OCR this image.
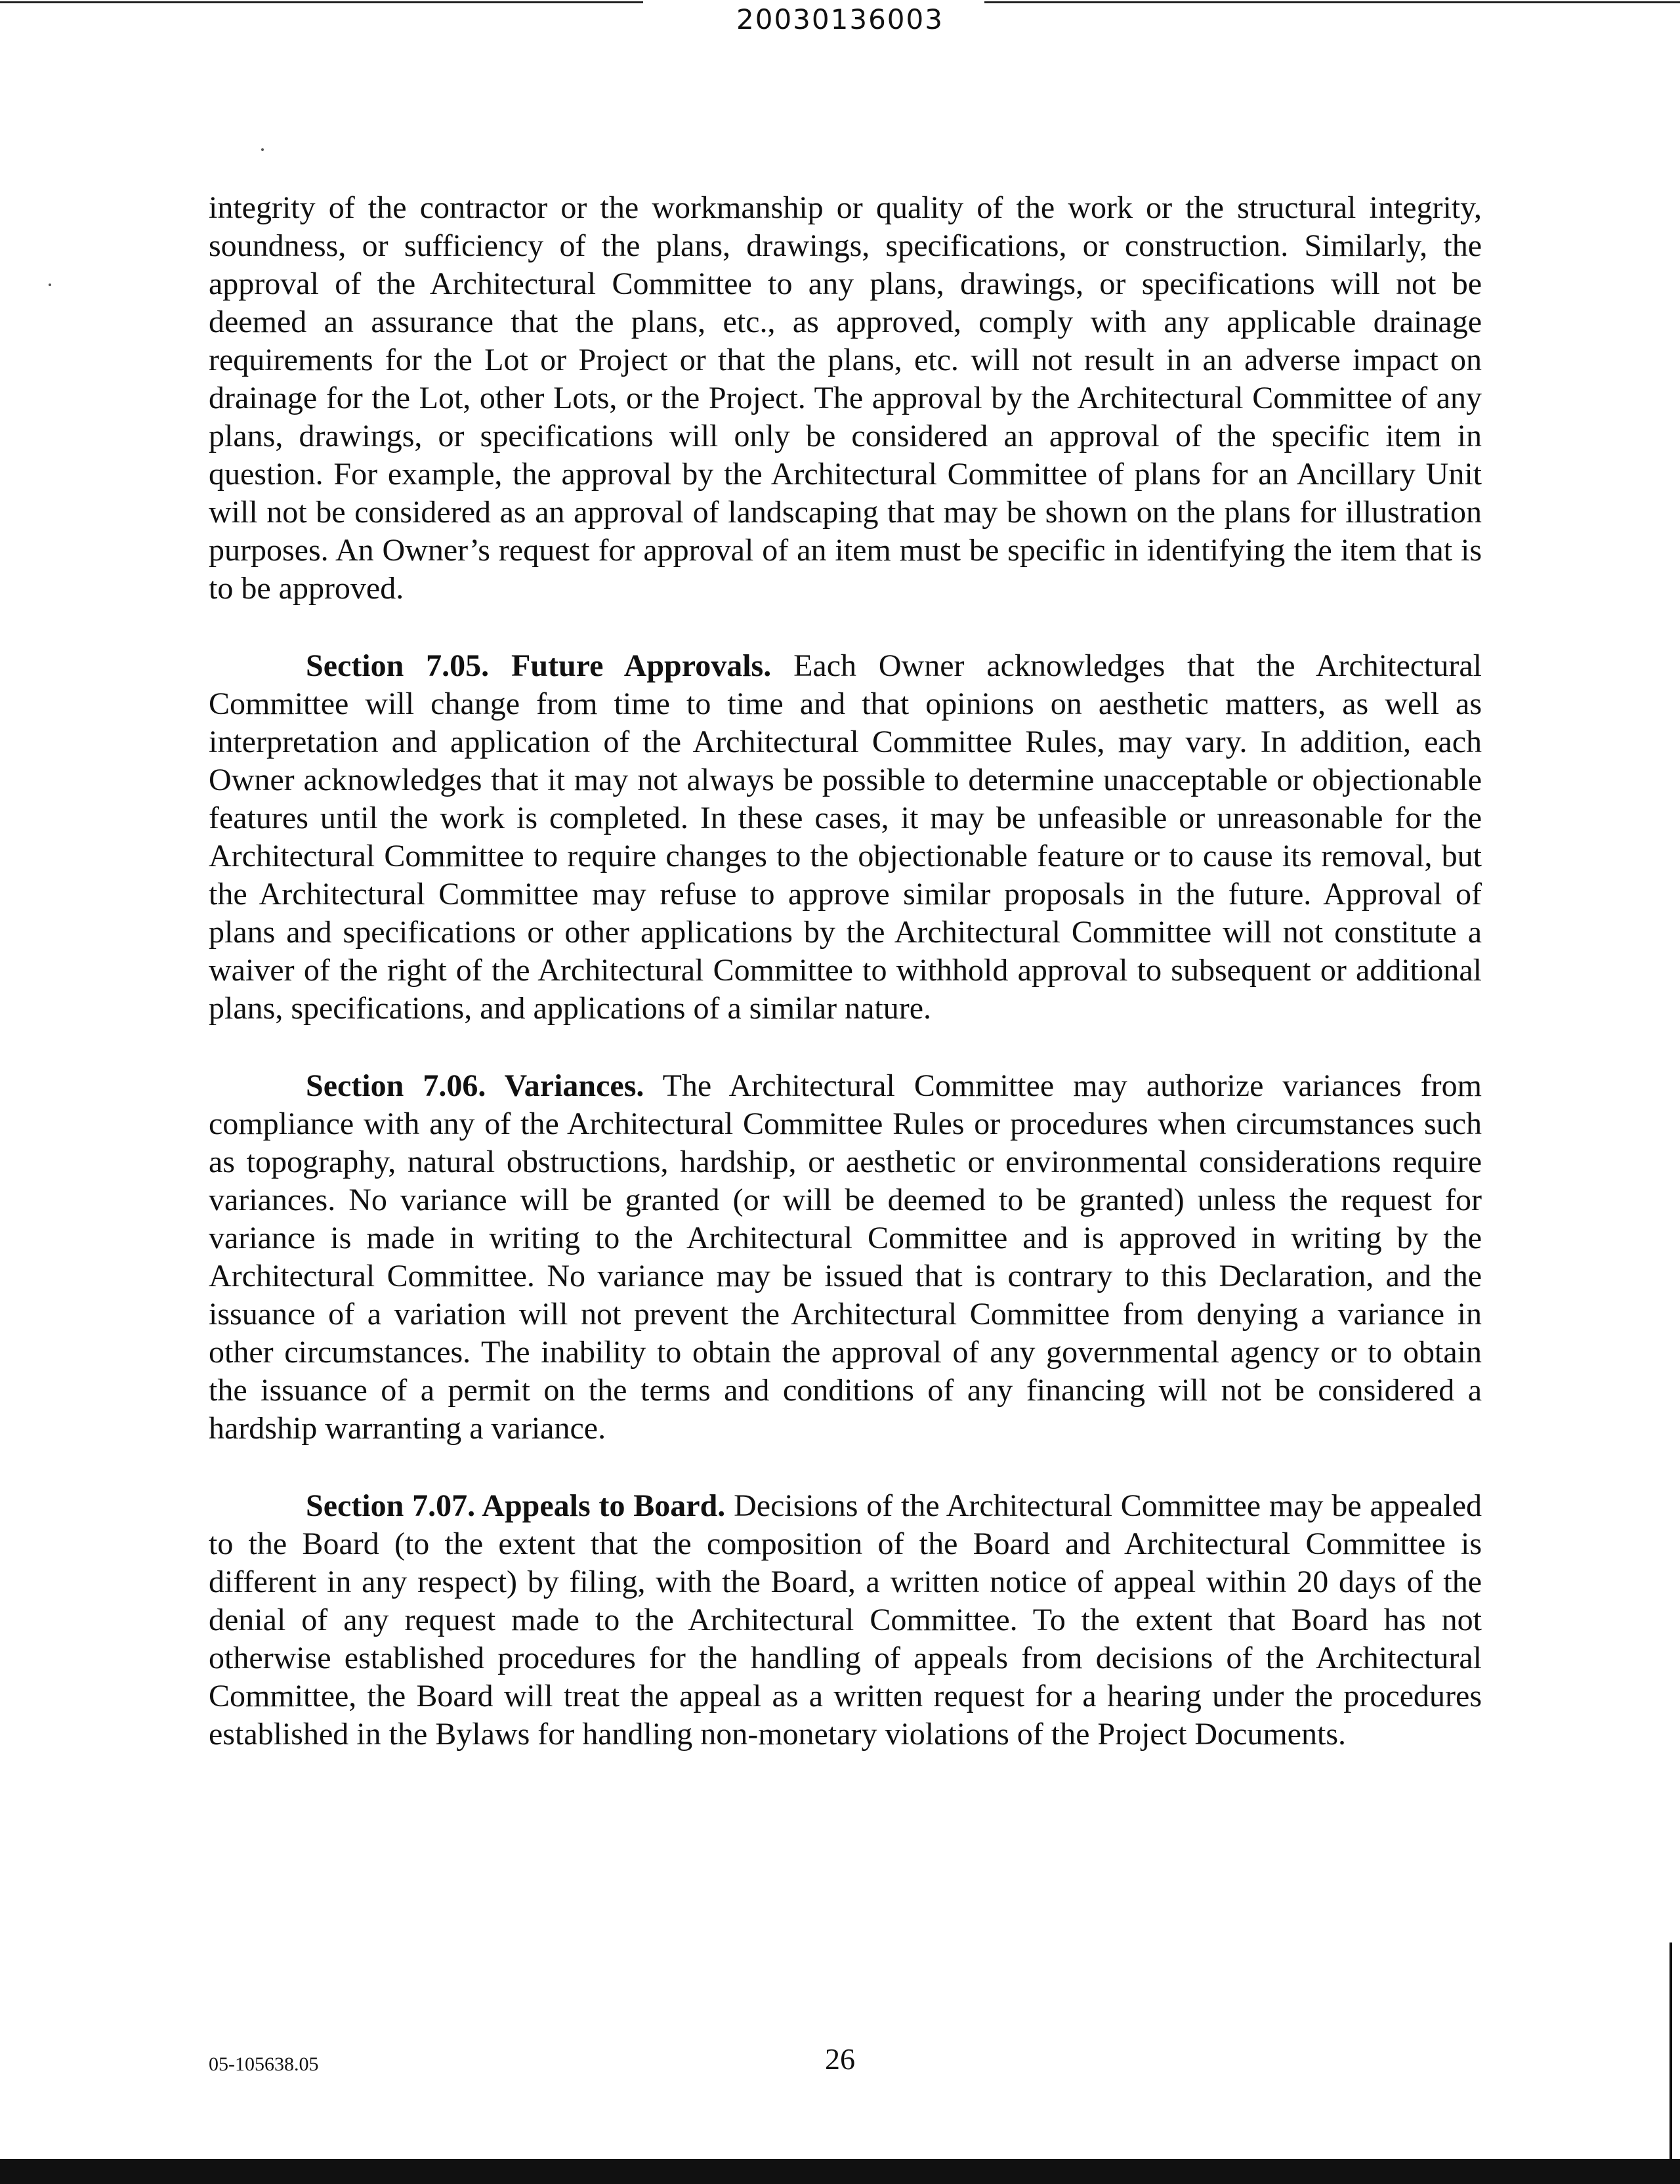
20030136003

integrity of the contractor or the workmanship or quality of the work or the structural integrity, soundness, or sufficiency of the plans, drawings, specifications, or construction. Similarly, the approval of the Architectural Committee to any plans, drawings, or specifications will not be deemed an assurance that the plans, etc., as approved, comply with any applicable drainage requirements for the Lot or Project or that the plans, etc. will not result in an adverse impact on drainage for the Lot, other Lots, or the Project. The approval by the Architectural Committee of any plans, drawings, or specifications will only be considered an approval of the specific item in question. For example, the approval by the Architectural Committee of plans for an Ancillary Unit will not be considered as an approval of landscaping that may be shown on the plans for illustration purposes. An Owner’s request for approval of an item must be specific in identifying the item that is to be approved.

Section 7.05. Future Approvals. Each Owner acknowledges that the Architectural Committee will change from time to time and that opinions on aesthetic matters, as well as interpretation and application of the Architectural Committee Rules, may vary. In addition, each Owner acknowledges that it may not always be possible to determine unacceptable or objectionable features until the work is completed. In these cases, it may be unfeasible or unreasonable for the Architectural Committee to require changes to the objectionable feature or to cause its removal, but the Architectural Committee may refuse to approve similar proposals in the future. Approval of plans and specifications or other applications by the Architectural Committee will not constitute a waiver of the right of the Architectural Committee to withhold approval to subsequent or additional plans, specifications, and applications of a similar nature.

Section 7.06. Variances. The Architectural Committee may authorize variances from compliance with any of the Architectural Committee Rules or procedures when circumstances such as topography, natural obstructions, hardship, or aesthetic or environmental considerations require variances. No variance will be granted (or will be deemed to be granted) unless the request for variance is made in writing to the Architectural Committee and is approved in writing by the Architectural Committee. No variance may be issued that is contrary to this Declaration, and the issuance of a variation will not prevent the Architectural Committee from denying a variance in other circumstances. The inability to obtain the approval of any governmental agency or to obtain the issuance of a permit on the terms and conditions of any financing will not be considered a hardship warranting a variance.

Section 7.07. Appeals to Board. Decisions of the Architectural Committee may be appealed to the Board (to the extent that the composition of the Board and Architectural Committee is different in any respect) by filing, with the Board, a written notice of appeal within 20 days of the denial of any request made to the Architectural Committee. To the extent that Board has not otherwise established procedures for the handling of appeals from decisions of the Architectural Committee, the Board will treat the appeal as a written request for a hearing under the procedures established in the Bylaws for handling non-monetary violations of the Project Documents.

05-105638.05	26
